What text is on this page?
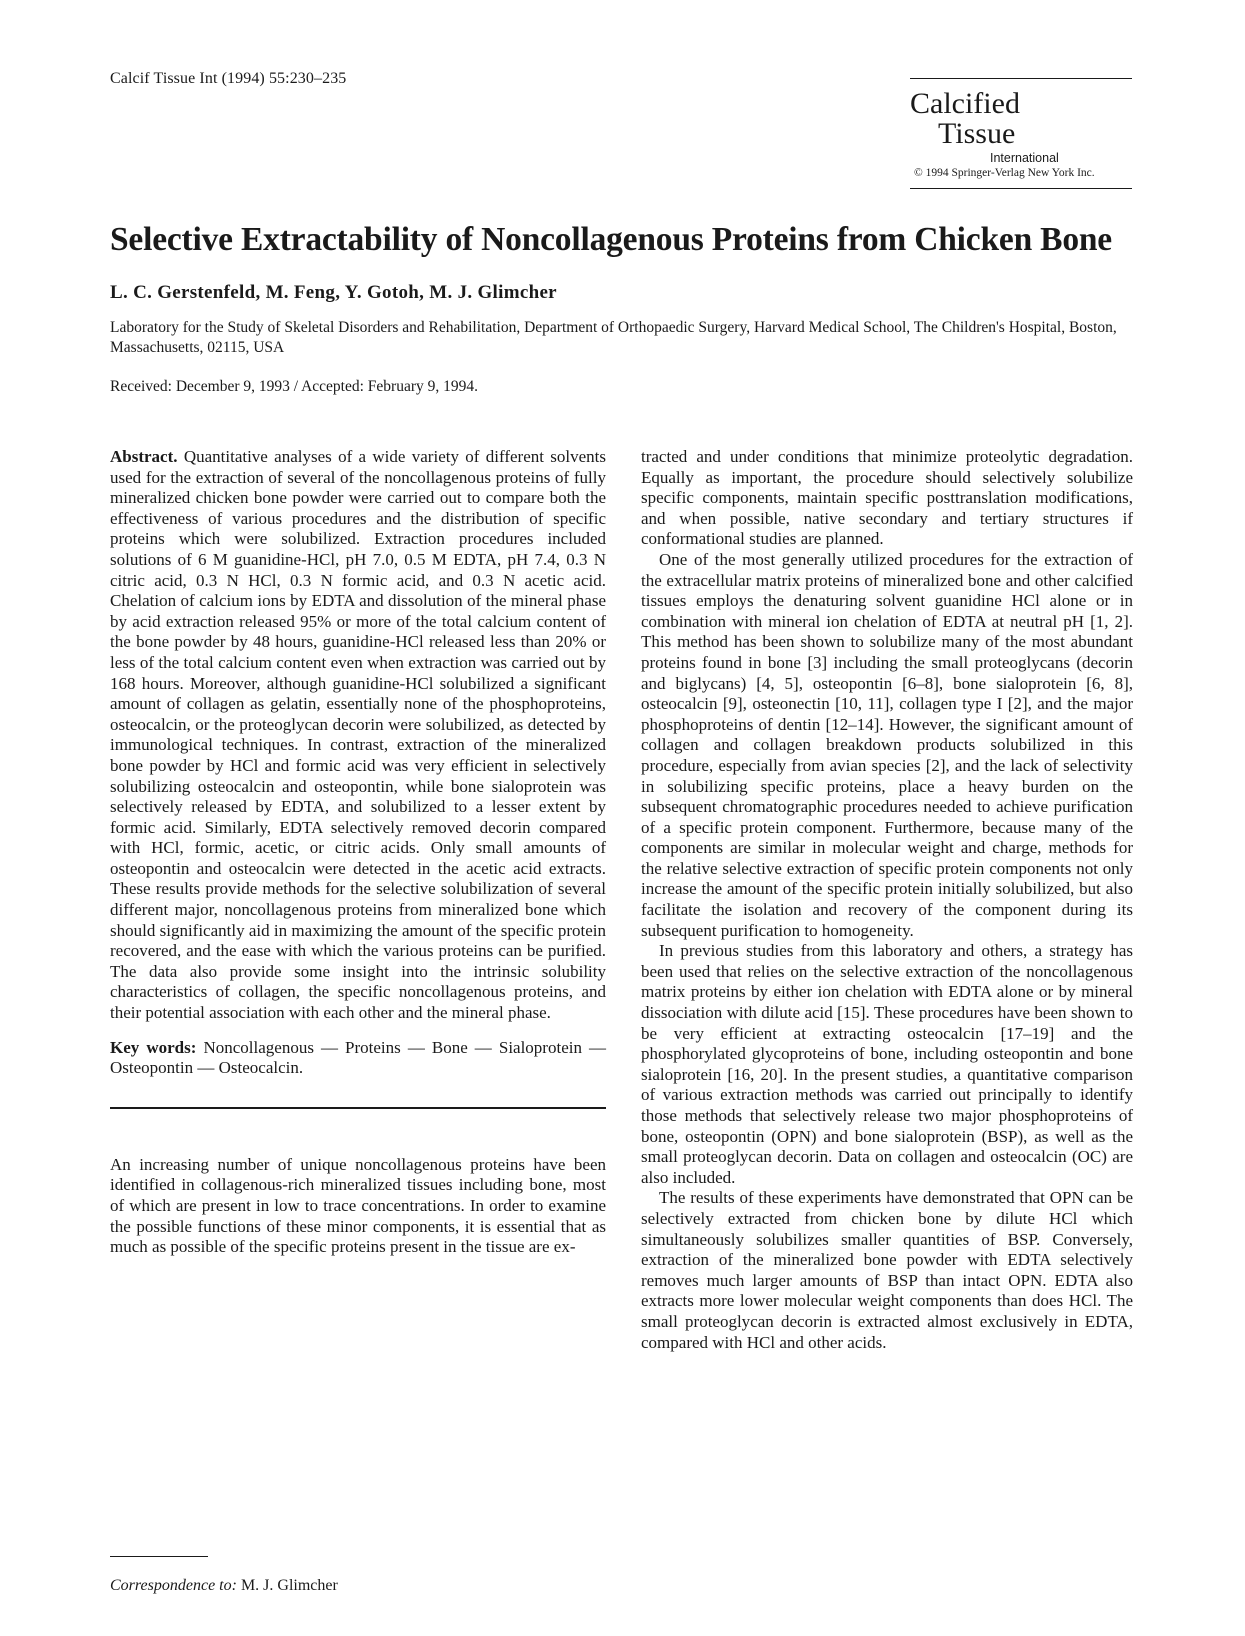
Calcif Tissue Int (1994) 55:230–235
Calcified
Tissue
International
© 1994 Springer-Verlag New York Inc.
Selective Extractability of Noncollagenous Proteins from Chicken Bone
L. C. Gerstenfeld, M. Feng, Y. Gotoh, M. J. Glimcher
Laboratory for the Study of Skeletal Disorders and Rehabilitation, Department of Orthopaedic Surgery, Harvard Medical School, The Children's Hospital, Boston, Massachusetts, 02115, USA
Received: December 9, 1993 / Accepted: February 9, 1994.

Abstract. Quantitative analyses of a wide variety of different solvents used for the extraction of several of the noncollagenous proteins of fully mineralized chicken bone powder were carried out to compare both the effectiveness of various procedures and the distribution of specific proteins which were solubilized. Extraction procedures included solutions of 6 M guanidine-HCl, pH 7.0, 0.5 M EDTA, pH 7.4, 0.3 N citric acid, 0.3 N HCl, 0.3 N formic acid, and 0.3 N acetic acid. Chelation of calcium ions by EDTA and dissolution of the mineral phase by acid extraction released 95% or more of the total calcium content of the bone powder by 48 hours, guanidine-HCl released less than 20% or less of the total calcium content even when extraction was carried out by 168 hours. Moreover, although guanidine-HCl solubilized a significant amount of collagen as gelatin, essentially none of the phosphoproteins, osteocalcin, or the proteoglycan decorin were solubilized, as detected by immunological techniques. In contrast, extraction of the mineralized bone powder by HCl and formic acid was very efficient in selectively solubilizing osteocalcin and osteopontin, while bone sialoprotein was selectively released by EDTA, and solubilized to a lesser extent by formic acid. Similarly, EDTA selectively removed decorin compared with HCl, formic, acetic, or citric acids. Only small amounts of osteopontin and osteocalcin were detected in the acetic acid extracts. These results provide methods for the selective solubilization of several different major, noncollagenous proteins from mineralized bone which should significantly aid in maximizing the amount of the specific protein recovered, and the ease with which the various proteins can be purified. The data also provide some insight into the intrinsic solubility characteristics of collagen, the specific noncollagenous proteins, and their potential association with each other and the mineral phase.

Key words: Noncollagenous — Proteins — Bone — Sialoprotein — Osteopontin — Osteocalcin.

An increasing number of unique noncollagenous proteins have been identified in collagenous-rich mineralized tissues including bone, most of which are present in low to trace concentrations. In order to examine the possible functions of these minor components, it is essential that as much as possible of the specific proteins present in the tissue are ex-

tracted and under conditions that minimize proteolytic degradation. Equally as important, the procedure should selectively solubilize specific components, maintain specific posttranslation modifications, and when possible, native secondary and tertiary structures if conformational studies are planned.

One of the most generally utilized procedures for the extraction of the extracellular matrix proteins of mineralized bone and other calcified tissues employs the denaturing solvent guanidine HCl alone or in combination with mineral ion chelation of EDTA at neutral pH [1, 2]. This method has been shown to solubilize many of the most abundant proteins found in bone [3] including the small proteoglycans (decorin and biglycans) [4, 5], osteopontin [6–8], bone sialoprotein [6, 8], osteocalcin [9], osteonectin [10, 11], collagen type I [2], and the major phosphoproteins of dentin [12–14]. However, the significant amount of collagen and collagen breakdown products solubilized in this procedure, especially from avian species [2], and the lack of selectivity in solubilizing specific proteins, place a heavy burden on the subsequent chromatographic procedures needed to achieve purification of a specific protein component. Furthermore, because many of the components are similar in molecular weight and charge, methods for the relative selective extraction of specific protein components not only increase the amount of the specific protein initially solubilized, but also facilitate the isolation and recovery of the component during its subsequent purification to homogeneity.

In previous studies from this laboratory and others, a strategy has been used that relies on the selective extraction of the noncollagenous matrix proteins by either ion chelation with EDTA alone or by mineral dissociation with dilute acid [15]. These procedures have been shown to be very efficient at extracting osteocalcin [17–19] and the phosphorylated glycoproteins of bone, including osteopontin and bone sialoprotein [16, 20]. In the present studies, a quantitative comparison of various extraction methods was carried out principally to identify those methods that selectively release two major phosphoproteins of bone, osteopontin (OPN) and bone sialoprotein (BSP), as well as the small proteoglycan decorin. Data on collagen and osteocalcin (OC) are also included.

The results of these experiments have demonstrated that OPN can be selectively extracted from chicken bone by dilute HCl which simultaneously solubilizes smaller quantities of BSP. Conversely, extraction of the mineralized bone powder with EDTA selectively removes much larger amounts of BSP than intact OPN. EDTA also extracts more lower molecular weight components than does HCl. The small proteoglycan decorin is extracted almost exclusively in EDTA, compared with HCl and other acids.

Correspondence to: M. J. Glimcher
